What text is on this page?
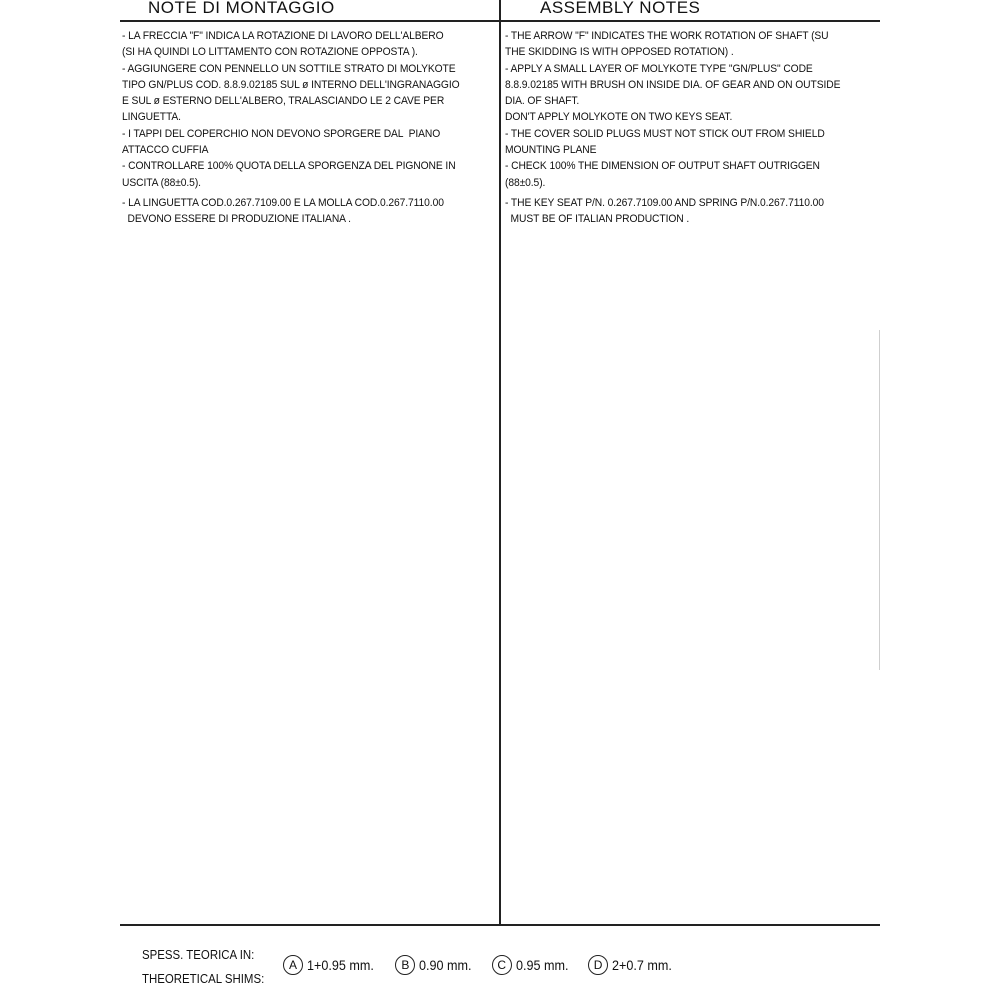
NOTE DI MONTAGGIO
- LA FRECCIA "F" INDICA LA ROTAZIONE DI LAVORO DELL'ALBERO
(SI HA QUINDI LO LITTAMENTO CON ROTAZIONE OPPOSTA ).
- AGGIUNGERE CON PENNELLO UN SOTTILE STRATO DI MOLYKOTE
TIPO GN/PLUS COD. 8.8.9.02185 SUL ø INTERNO DELL'INGRANAGGIO
E SUL ø ESTERNO DELL'ALBERO, TRALASCIANDO LE 2 CAVE PER
LINGUETTA.
- I TAPPI DEL COPERCHIO NON DEVONO SPORGERE DAL  PIANO
ATTACCO CUFFIA
- CONTROLLARE 100% QUOTA DELLA SPORGENZA DEL PIGNONE IN
USCITA (88±0.5).
- LA LINGUETTA COD.0.267.7109.00 E LA MOLLA COD.0.267.7110.00
DEVONO ESSERE DI PRODUZIONE ITALIANA .
ASSEMBLY NOTES
- THE ARROW "F" INDICATES THE WORK ROTATION OF SHAFT (SU
THE SKIDDING IS WITH OPPOSED ROTATION) .
- APPLY A SMALL LAYER OF MOLYKOTE TYPE "GN/PLUS" CODE
8.8.9.02185 WITH BRUSH ON INSIDE DIA. OF GEAR AND ON OUTSIDE
DIA. OF SHAFT.
DON'T APPLY MOLYKOTE ON TWO KEYS SEAT.
- THE COVER SOLID PLUGS MUST NOT STICK OUT FROM SHIELD
MOUNTING PLANE
- CHECK 100% THE DIMENSION OF OUTPUT SHAFT OUTRIGGEN
(88±0.5).
- THE KEY SEAT P/N. 0.267.7109.00 AND SPRING P/N.0.267.7110.00
MUST BE OF ITALIAN PRODUCTION .
SPESS. TEORICA IN:
THEORETICAL SHIMS:
A 1+0.95 mm.	B 0.90 mm.	C 0.95 mm.	D 2+0.7 mm.
